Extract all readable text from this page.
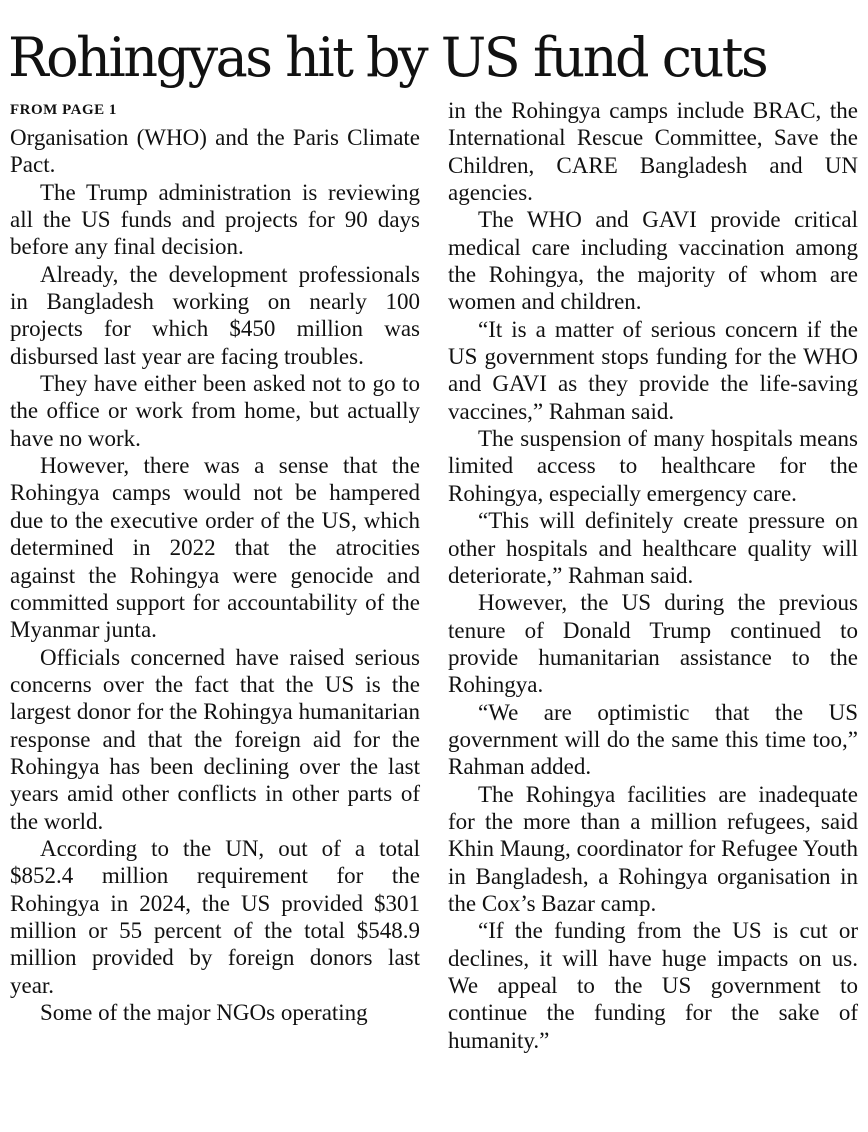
Rohingyas hit by US fund cuts
FROM PAGE 1

Organisation (WHO) and the Paris Climate Pact.

The Trump administration is reviewing all the US funds and projects for 90 days before any final decision.

Already, the development professionals in Bangladesh working on nearly 100 projects for which $450 million was disbursed last year are facing troubles.

They have either been asked not to go to the office or work from home, but actually have no work.

However, there was a sense that the Rohingya camps would not be hampered due to the executive order of the US, which determined in 2022 that the atrocities against the Rohingya were genocide and committed support for accountability of the Myanmar junta.

Officials concerned have raised serious concerns over the fact that the US is the largest donor for the Rohingya humanitarian response and that the foreign aid for the Rohingya has been declining over the last years amid other conflicts in other parts of the world.

According to the UN, out of a total $852.4 million requirement for the Rohingya in 2024, the US provided $301 million or 55 percent of the total $548.9 million provided by foreign donors last year.

Some of the major NGOs operating

in the Rohingya camps include BRAC, the International Rescue Committee, Save the Children, CARE Bangladesh and UN agencies.

The WHO and GAVI provide critical medical care including vaccination among the Rohingya, the majority of whom are women and children.

“It is a matter of serious concern if the US government stops funding for the WHO and GAVI as they provide the life-saving vaccines,” Rahman said.

The suspension of many hospitals means limited access to healthcare for the Rohingya, especially emergency care.

“This will definitely create pressure on other hospitals and healthcare quality will deteriorate,” Rahman said.

However, the US during the previous tenure of Donald Trump continued to provide humanitarian assistance to the Rohingya.

“We are optimistic that the US government will do the same this time too,” Rahman added.

The Rohingya facilities are inadequate for the more than a million refugees, said Khin Maung, coordinator for Refugee Youth in Bangladesh, a Rohingya organisation in the Cox’s Bazar camp.

“If the funding from the US is cut or declines, it will have huge impacts on us. We appeal to the US government to continue the funding for the sake of humanity.”
